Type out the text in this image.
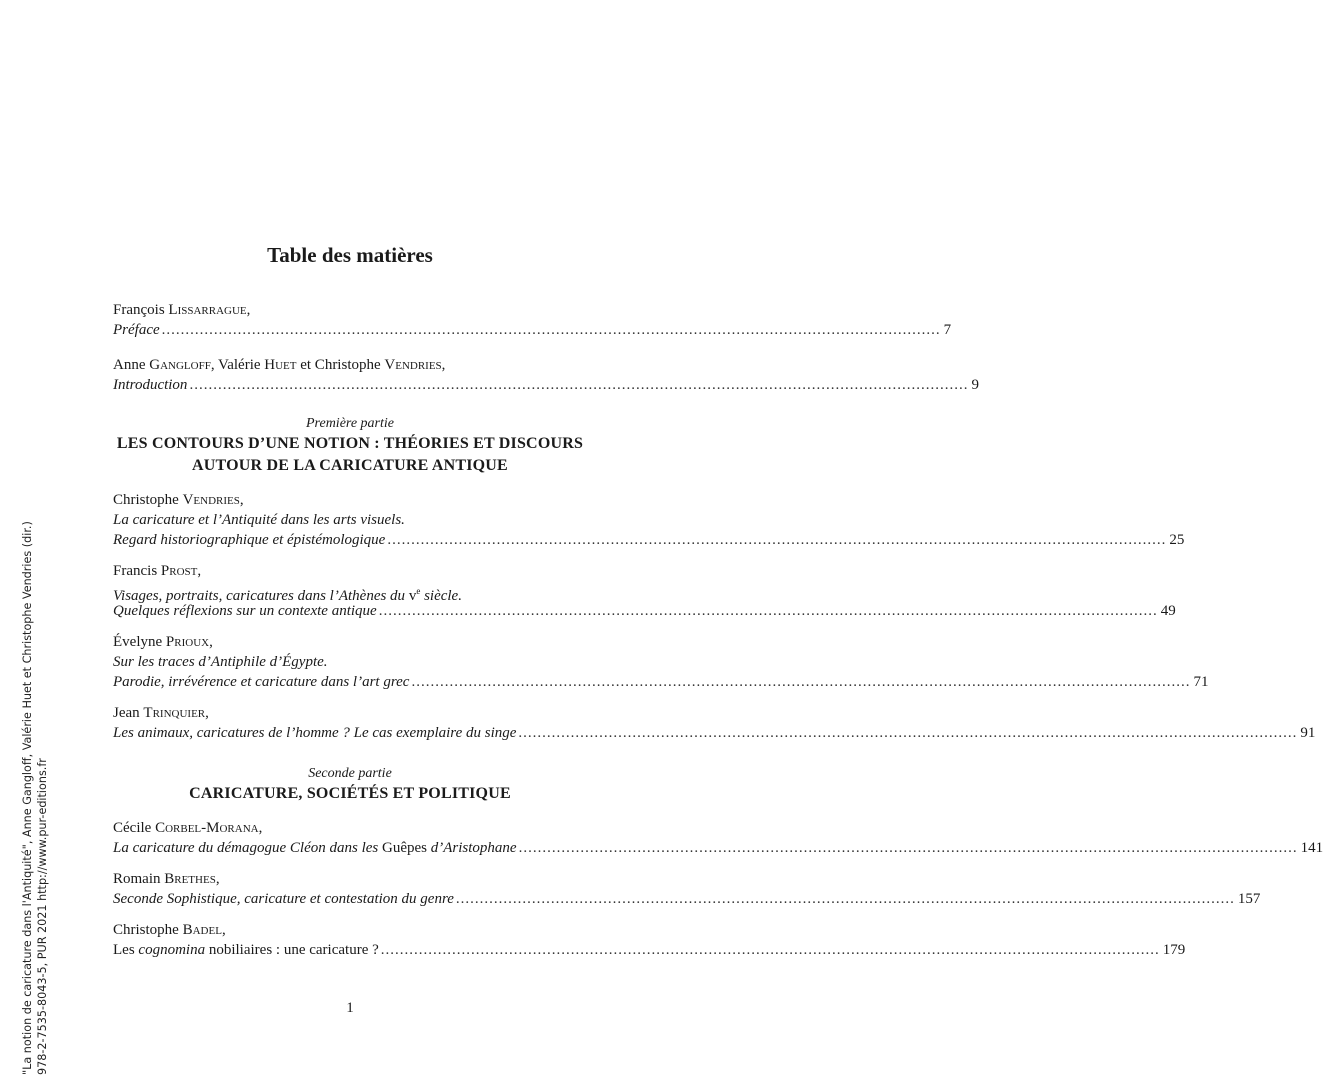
"La notion de caricature dans l'Antiquité", Anne Gangloff, Valérie Huet et Christophe Vendries (dir.) 978-2-7535-8043-5, PUR 2021 http://www.pur-editions.fr
Table des matières
François Lissarrague,
Préface .................................................................................................................................................................... 7
Anne Gangloff, Valérie Huet et Christophe Vendries,
Introduction .................................................................................................................................................................... 9
Première partie
LES CONTOURS D’UNE NOTION : THÉORIES ET DISCOURS
AUTOUR DE LA CARICATURE ANTIQUE
Christophe Vendries,
La caricature et l’Antiquité dans les arts visuels.
Regard historiographique et épistémologique .................................................................................................................................................................... 25
Francis Prost,
Visages, portraits, caricatures dans l’Athènes du $v^e$ siècle.
Quelques réflexions sur un contexte antique .................................................................................................................................................................... 49
Évelyne Prioux,
Sur les traces d’Antiphile d’Égypte.
Parodie, irrévérence et caricature dans l’art grec .................................................................................................................................................................... 71
Jean Trinquier,
Les animaux, caricatures de l’homme ? Le cas exemplaire du singe .................................................................................................................................................................... 91
Seconde partie
CARICATURE, SOCIÉTÉS ET POLITIQUE
Cécile Corbel-Morana,
La caricature du démagogue Cléon dans les Guêpes d’Aristophane .................................................................................................................................................................... 141
Romain Brethes,
Seconde Sophistique, caricature et contestation du genre .................................................................................................................................................................... 157
Christophe Badel,
Les cognomina nobiliaires : une caricature ? .................................................................................................................................................................... 179
1
